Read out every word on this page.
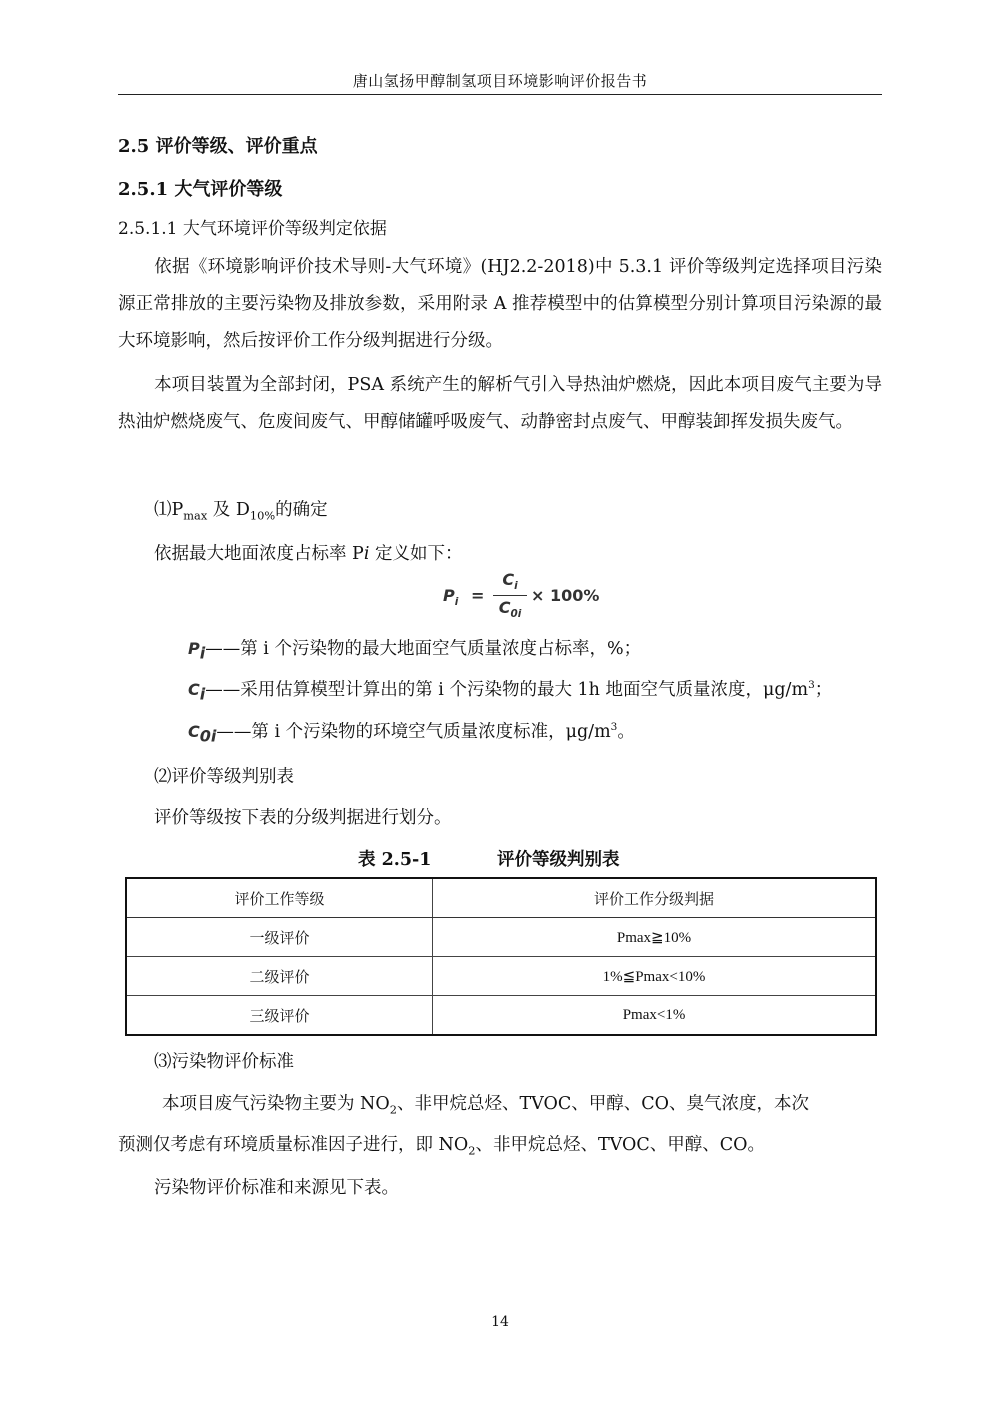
唐山氢扬甲醇制氢项目环境影响评价报告书
2.5 评价等级、评价重点
2.5.1 大气评价等级
2.5.1.1 大气环境评价等级判定依据
依据《环境影响评价技术导则-大气环境》(HJ2.2-2018)中 5.3.1 评价等级判定选择项目污染源正常排放的主要污染物及排放参数，采用附录 A 推荐模型中的估算模型分别计算项目污染源的最大环境影响，然后按评价工作分级判据进行分级。
本项目装置为全部封闭，PSA 系统产生的解析气引入导热油炉燃烧，因此本项目废气主要为导热油炉燃烧废气、危废间废气、甲醇储罐呼吸废气、动静密封点废气、甲醇装卸挥发损失废气。
$⑴P_{max}$ 及 $D_{10\%}$的确定
依据最大地面浓度占标率 Pi 定义如下：
$P_i$ =
$C_i$
$C_{0i}$
× 100%
$P_i——$第 i 个污染物的最大地面空气质量浓度占标率，%；
$C_i——$采用估算模型计算出的第 i 个污染物的最大 1h 地面空气质量浓度，$\mu g/m^3$；
$C_{0i}——$第 i 个污染物的环境空气质量浓度标准，$\mu g/m^3$。
⑵评价等级判别表
评价等级按下表的分级判据进行划分。
表 2.5-1	评价等级判别表
评价工作等级	评价工作分级判据
一级评价	Pmax≧10%
二级评价	1%≦Pmax<10%
三级评价	Pmax<1%
⑶污染物评价标准
本项目废气污染物主要为 $NO_2$、非甲烷总烃、TVOC、甲醇、CO、臭气浓度，本次
预测仅考虑有环境质量标准因子进行，即 $NO_2$、非甲烷总烃、TVOC、甲醇、CO。
污染物评价标准和来源见下表。
14
